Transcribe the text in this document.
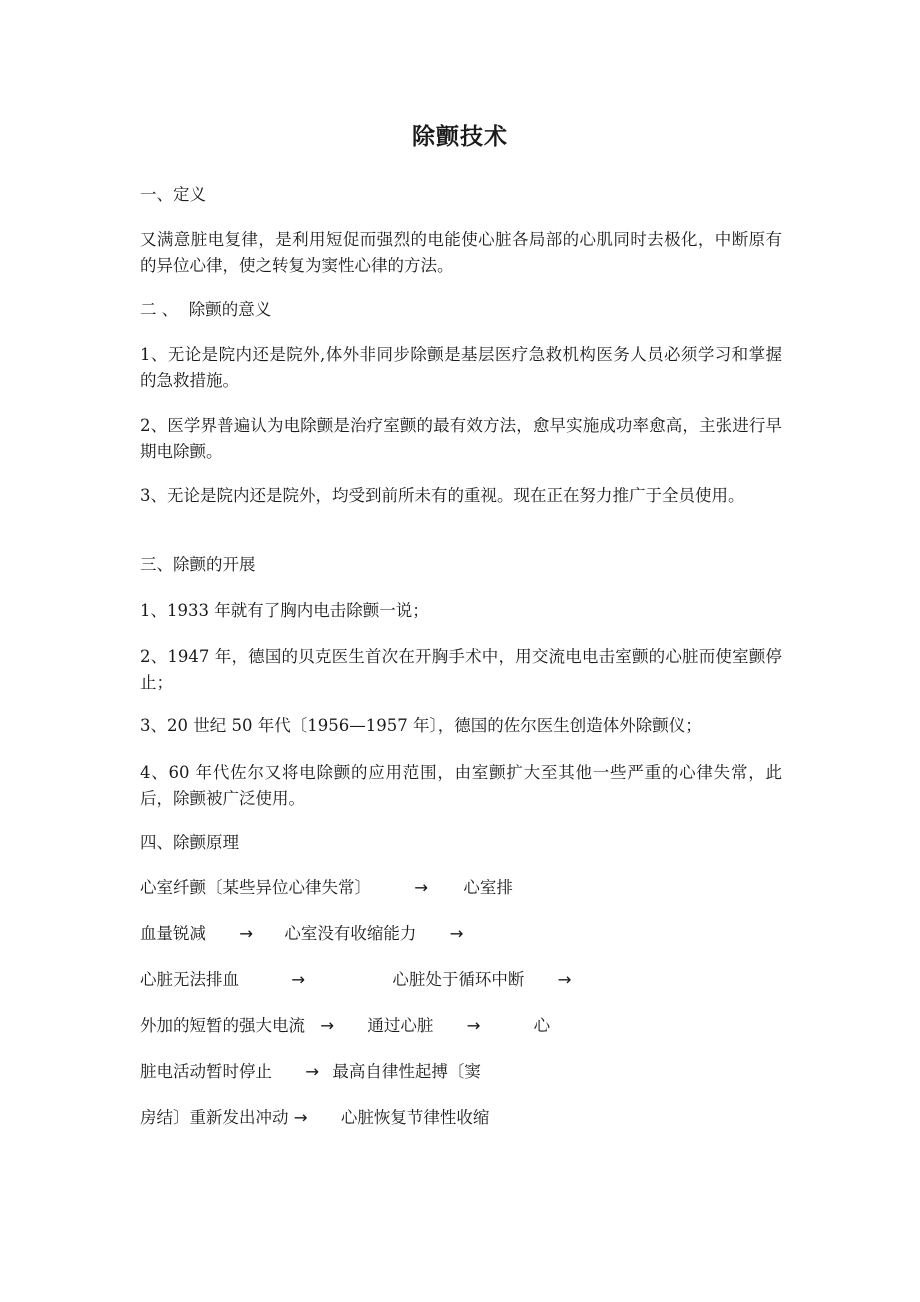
除颤技术
一、定义
又满意脏电复律，是利用短促而强烈的电能使心脏各局部的心肌同时去极化，中断原有的异位心律，使之转复为窦性心律的方法。
二 、  除颤的意义
1、无论是院内还是院外,体外非同步除颤是基层医疗急救机构医务人员必须学习和掌握的急救措施。
2、医学界普遍认为电除颤是治疗室颤的最有效方法，愈早实施成功率愈高，主张进行早期电除颤。
3、无论是院内还是院外，均受到前所未有的重视。现在正在努力推广于全员使用。
三、除颤的开展
1、1933 年就有了胸内电击除颤一说；
2、1947 年，德国的贝克医生首次在开胸手术中，用交流电电击室颤的心脏而使室颤停止；
3、20 世纪 50 年代〔1956—1957 年〕，德国的佐尔医生创造体外除颤仪；
4、60 年代佐尔又将电除颤的应用范围，由室颤扩大至其他一些严重的心律失常，此后，除颤被广泛使用。
四、除颤原理
心室纤颤〔某些异位心律失常〕	→ 心室排
血量锐减 → 心室没有收缩能力 →
心脏无法排血	→	心脏处于循环中断 →
外加的短暂的强大电流 → 通过心脏 →	心
脏电活动暂时停止 → 最高自律性起搏〔窦
房结〕重新发出冲动 → 心脏恢复节律性收缩
